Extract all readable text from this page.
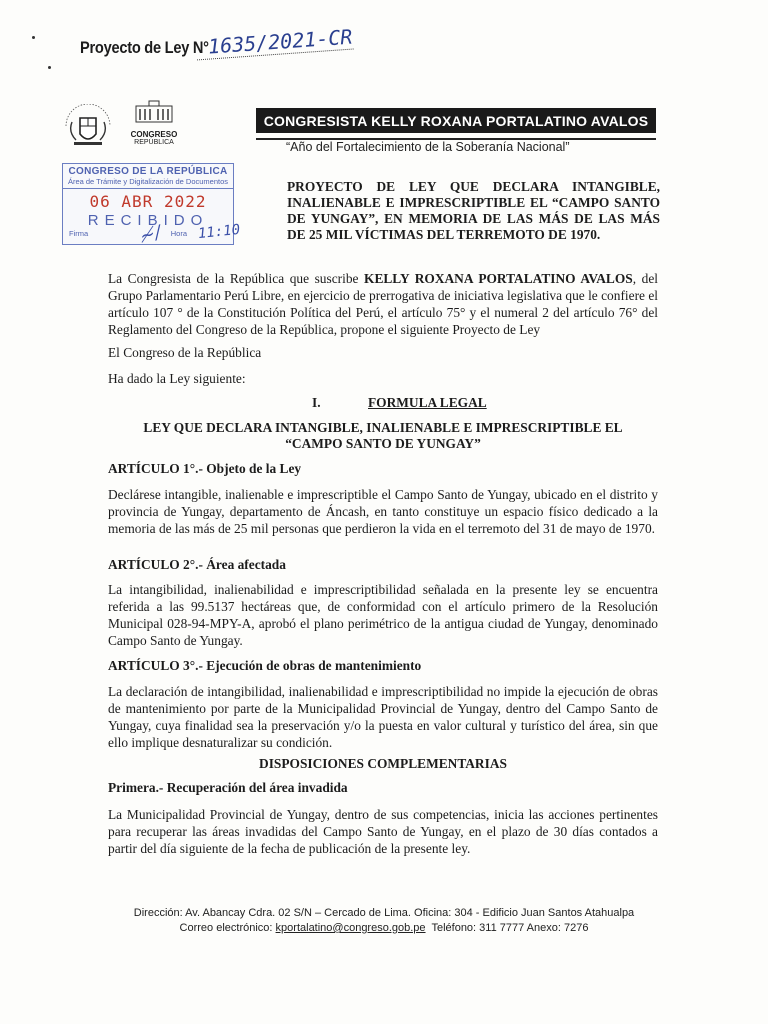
Proyecto de Ley N°
1635/2021-CR
CONGRESO
REPÚBLICA
CONGRESISTA KELLY ROXANA PORTALATINO AVALOS
“Año del Fortalecimiento de la Soberanía Nacional”
CONGRESO DE LA REPÚBLICA
Área de Trámite y Digitalización de Documentos
06 ABR 2022
RECIBIDO
Firma	Hora
≁∕ 11:10
PROYECTO DE LEY QUE DECLARA INTANGIBLE, INALIENABLE E IMPRESCRIPTIBLE EL “CAMPO SANTO DE YUNGAY”, EN MEMORIA DE LAS MÁS DE LAS MÁS DE 25 MIL VÍCTIMAS DEL TERREMOTO DE 1970.
La Congresista de la República que suscribe KELLY ROXANA PORTALATINO AVALOS, del Grupo Parlamentario Perú Libre, en ejercicio de prerrogativa de iniciativa legislativa que le confiere el artículo 107 ° de la Constitución Política del Perú, el artículo 75° y el numeral 2 del artículo 76° del Reglamento del Congreso de la República, propone el siguiente Proyecto de Ley
El Congreso de la República
Ha dado la Ley siguiente:
I.	FORMULA LEGAL
LEY QUE DECLARA INTANGIBLE, INALIENABLE E IMPRESCRIPTIBLE EL
“CAMPO SANTO DE YUNGAY”
ARTÍCULO 1°.- Objeto de la Ley
Declárese intangible, inalienable e imprescriptible el Campo Santo de Yungay, ubicado en el distrito y provincia de Yungay, departamento de Áncash, en tanto constituye un espacio físico dedicado a la memoria de las más de 25 mil personas que perdieron la vida en el terremoto del 31 de mayo de 1970.
ARTÍCULO 2°.- Área afectada
La intangibilidad, inalienabilidad e imprescriptibilidad señalada en la presente ley se encuentra referida a las 99.5137 hectáreas que, de conformidad con el artículo primero de la Resolución Municipal 028-94-MPY-A, aprobó el plano perimétrico de la antigua ciudad de Yungay, denominado Campo Santo de Yungay.
ARTÍCULO 3°.- Ejecución de obras de mantenimiento
La declaración de intangibilidad, inalienabilidad e imprescriptibilidad no impide la ejecución de obras de mantenimiento por parte de la Municipalidad Provincial de Yungay, dentro del Campo Santo de Yungay, cuya finalidad sea la preservación y/o la puesta en valor cultural y turístico del área, sin que ello implique desnaturalizar su condición.
DISPOSICIONES COMPLEMENTARIAS
Primera.- Recuperación del área invadida
La Municipalidad Provincial de Yungay, dentro de sus competencias, inicia las acciones pertinentes para recuperar las áreas invadidas del Campo Santo de Yungay, en el plazo de 30 días contados a partir del día siguiente de la fecha de publicación de la presente ley.
Dirección: Av. Abancay Cdra. 02 S/N – Cercado de Lima. Oficina: 304 - Edificio Juan Santos Atahualpa
Correo electrónico: kportalatino@congreso.gob.pe  Teléfono: 311 7777 Anexo: 7276
